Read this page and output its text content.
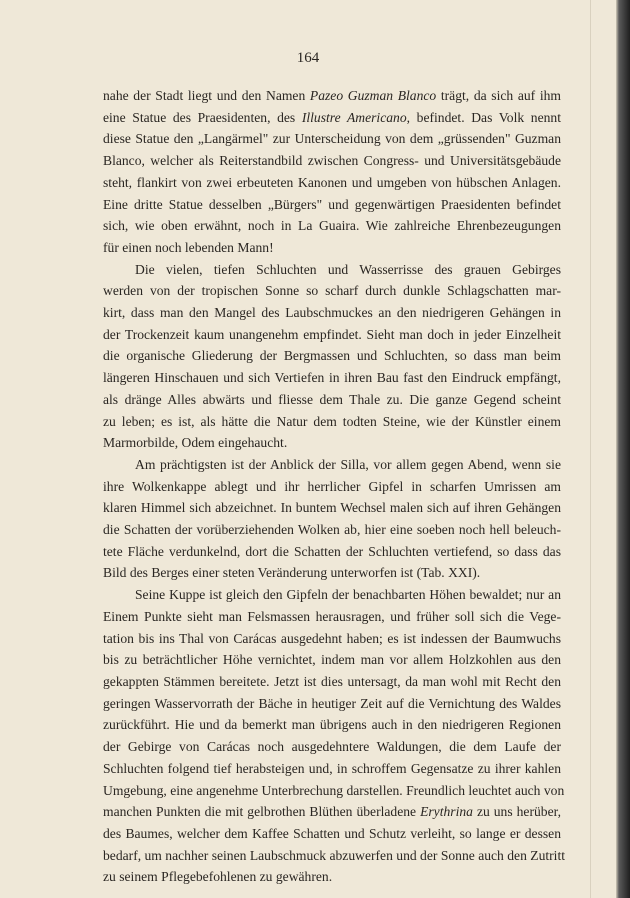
164

nahe der Stadt liegt und den Namen Pazeo Guzman Blanco trägt, da sich auf ihm
eine Statue des Praesidenten, des Illustre Americano, befindet. Das Volk nennt
diese Statue den „Langärmel" zur Unterscheidung von dem „grüssenden" Guzman
Blanco, welcher als Reiterstandbild zwischen Congress- und Universitätsgebäude
steht, flankirt von zwei erbeuteten Kanonen und umgeben von hübschen Anlagen.
Eine dritte Statue desselben „Bürgers" und gegenwärtigen Praesidenten befindet
sich, wie oben erwähnt, noch in La Guaira. Wie zahlreiche Ehrenbezeugungen
für einen noch lebenden Mann!

Die vielen, tiefen Schluchten und Wasserrisse des grauen Gebirges
werden von der tropischen Sonne so scharf durch dunkle Schlagschatten mar-
kirt, dass man den Mangel des Laubschmuckes an den niedrigeren Gehängen in
der Trockenzeit kaum unangenehm empfindet. Sieht man doch in jeder Einzelheit
die organische Gliederung der Bergmassen und Schluchten, so dass man beim
längeren Hinschauen und sich Vertiefen in ihren Bau fast den Eindruck empfängt,
als dränge Alles abwärts und fliesse dem Thale zu. Die ganze Gegend scheint
zu leben; es ist, als hätte die Natur dem todten Steine, wie der Künstler einem
Marmorbilde, Odem eingehaucht.

Am prächtigsten ist der Anblick der Silla, vor allem gegen Abend, wenn sie
ihre Wolkenkappe ablegt und ihr herrlicher Gipfel in scharfen Umrissen am
klaren Himmel sich abzeichnet. In buntem Wechsel malen sich auf ihren Gehängen
die Schatten der vorüberziehenden Wolken ab, hier eine soeben noch hell beleuch-
tete Fläche verdunkelnd, dort die Schatten der Schluchten vertiefend, so dass das
Bild des Berges einer steten Veränderung unterworfen ist (Tab. XXI).

Seine Kuppe ist gleich den Gipfeln der benachbarten Höhen bewaldet; nur an
Einem Punkte sieht man Felsmassen herausragen, und früher soll sich die Vege-
tation bis ins Thal von Carácas ausgedehnt haben; es ist indessen der Baumwuchs
bis zu beträchtlicher Höhe vernichtet, indem man vor allem Holzkohlen aus den
gekappten Stämmen bereitete. Jetzt ist dies untersagt, da man wohl mit Recht den
geringen Wasservorrath der Bäche in heutiger Zeit auf die Vernichtung des Waldes
zurückführt. Hie und da bemerkt man übrigens auch in den niedrigeren Regionen
der Gebirge von Carácas noch ausgedehntere Waldungen, die dem Laufe der
Schluchten folgend tief herabsteigen und, in schroffem Gegensatze zu ihrer kahlen
Umgebung, eine angenehme Unterbrechung darstellen. Freundlich leuchtet auch von
manchen Punkten die mit gelbrothen Blüthen überladene Erythrina zu uns herüber,
des Baumes, welcher dem Kaffee Schatten und Schutz verleiht, so lange er dessen
bedarf, um nachher seinen Laubschmuck abzuwerfen und der Sonne auch den Zutritt
zu seinem Pflegebefohlenen zu gewähren.
